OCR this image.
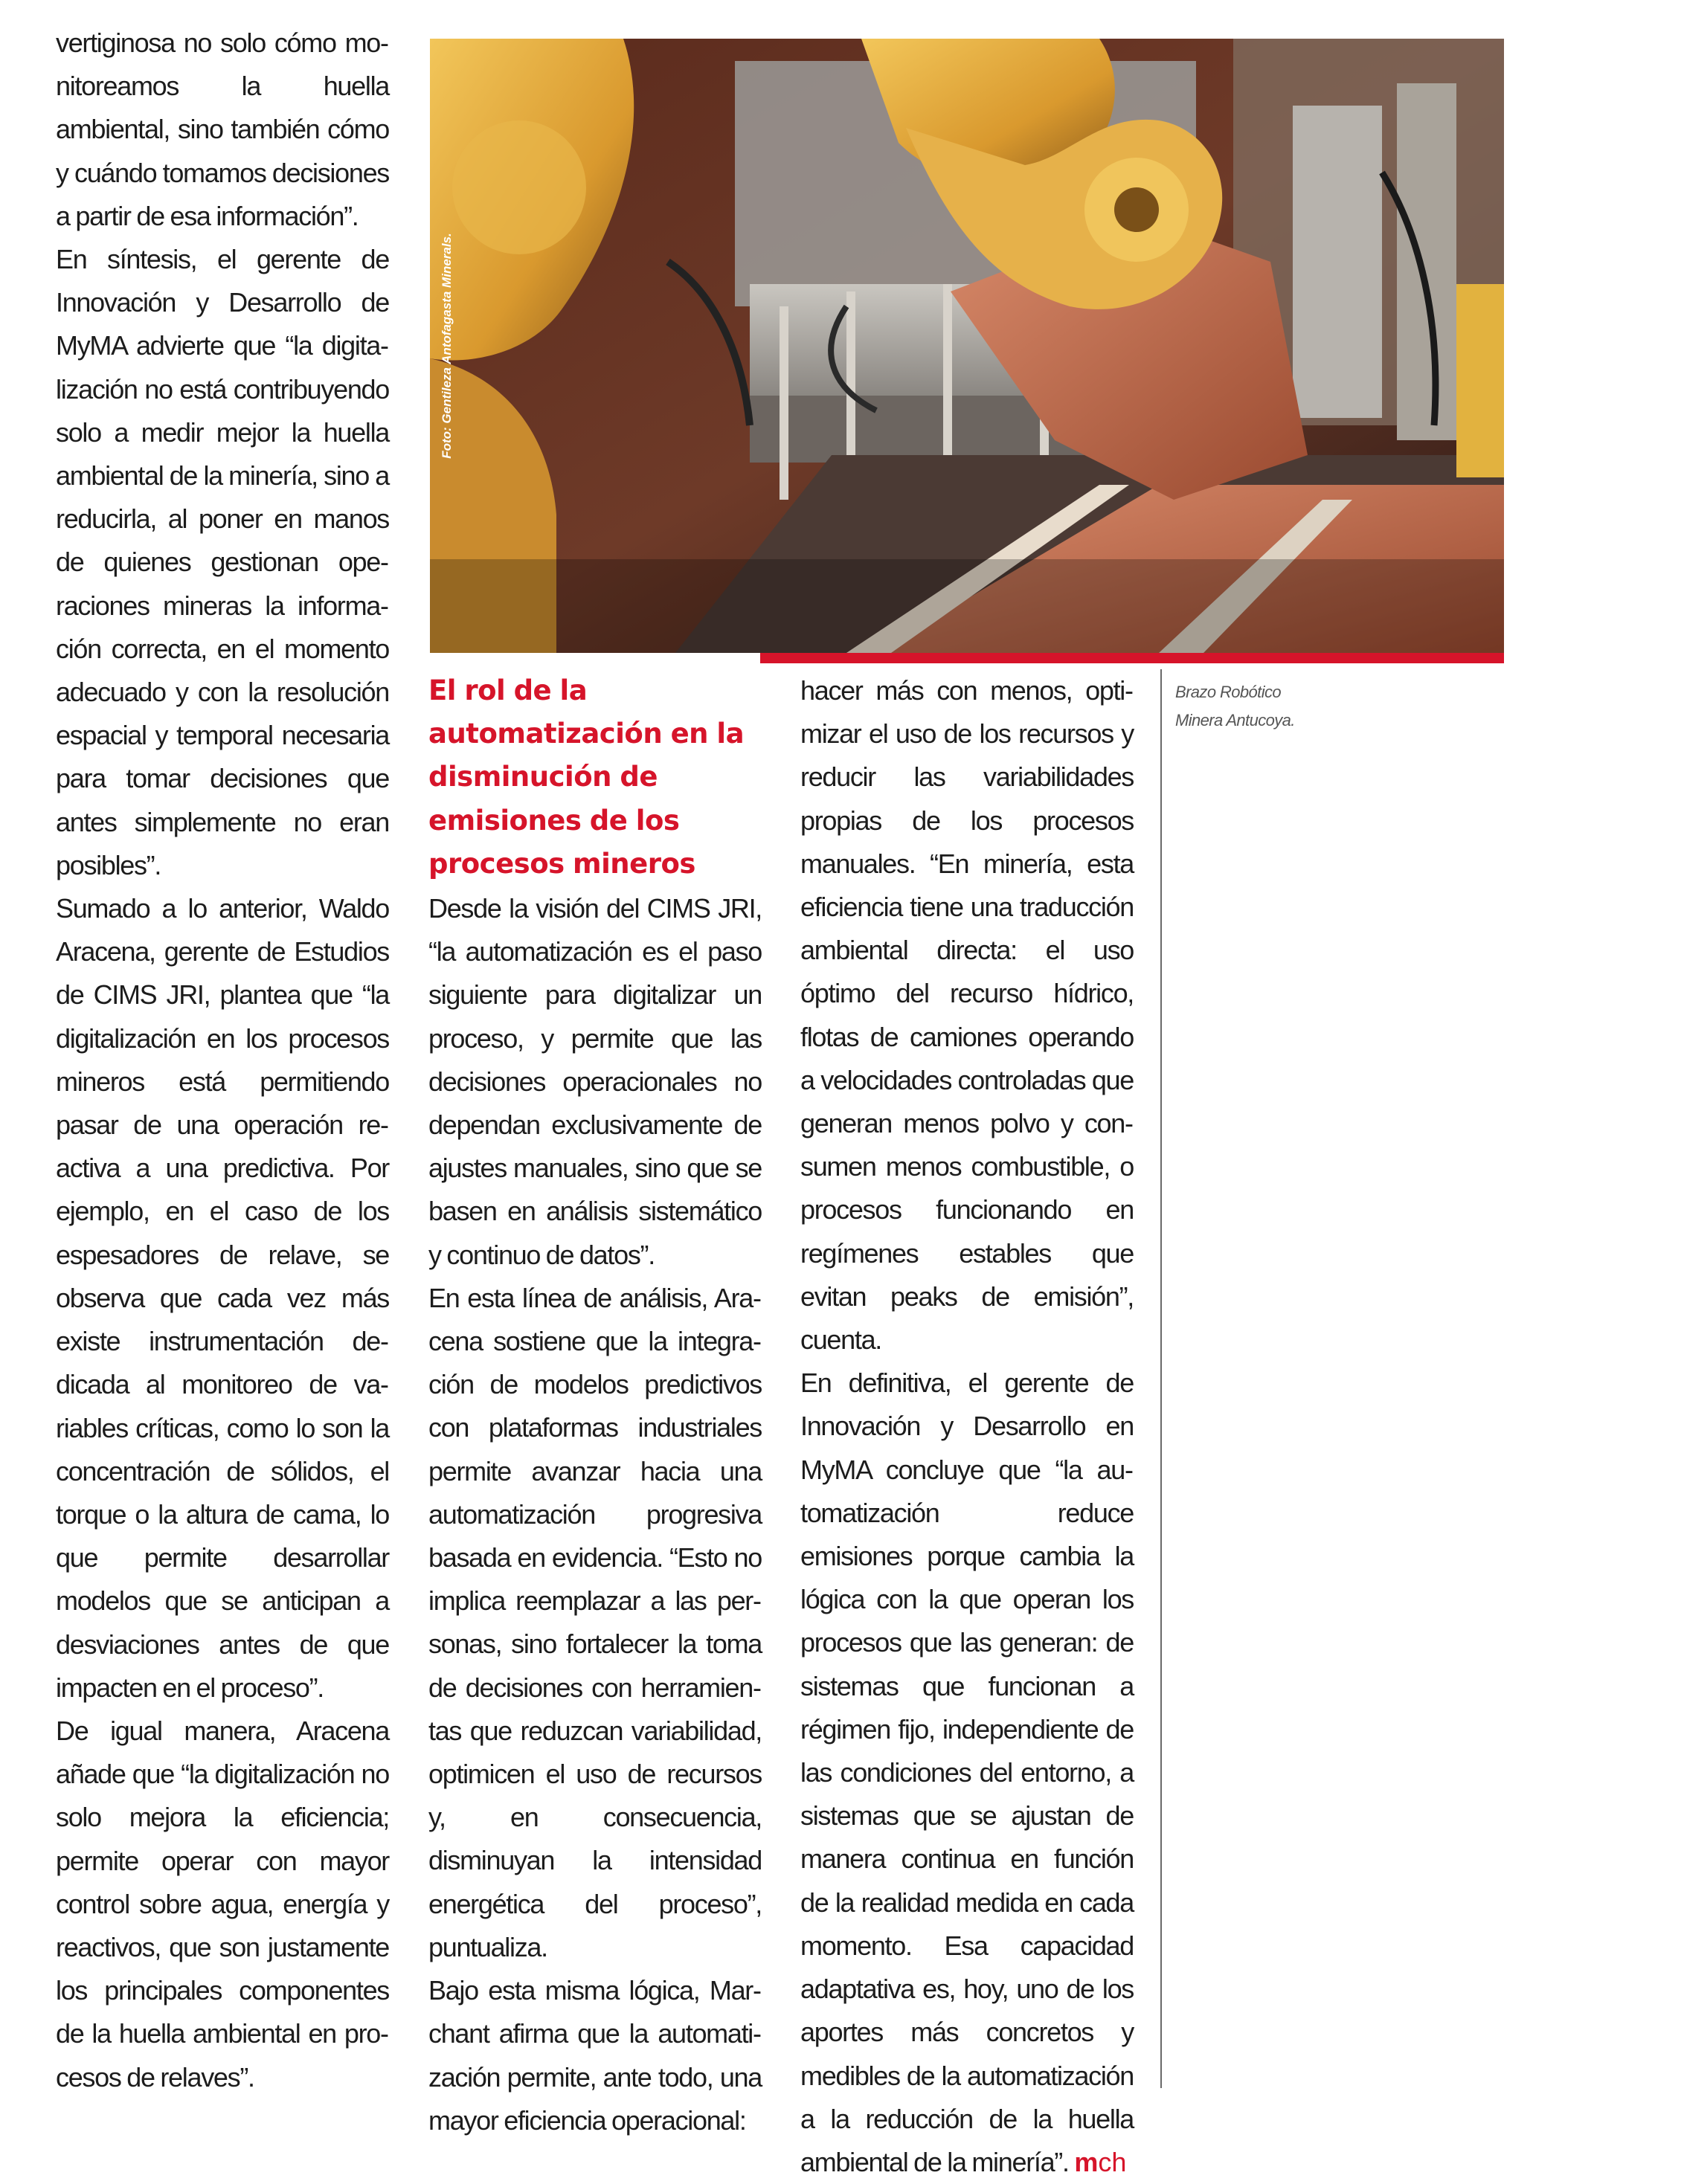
vertiginosa no solo cómo monitoreamos la huella ambiental, sino también cómo y cuándo tomamos decisiones a partir de esa información”.

En síntesis, el gerente de Innovación y Desarrollo de MyMA advierte que “la digitalización no está contribuyendo solo a medir mejor la huella ambiental de la minería, sino a reducirla, al poner en manos de quienes gestionan operaciones mineras la información correcta, en el momento adecuado y con la resolución espacial y temporal necesaria para tomar decisiones que antes simplemente no eran posibles”.

Sumado a lo anterior, Waldo Aracena, gerente de Estudios de CIMS JRI, plantea que “la digitalización en los procesos mineros está permitiendo pasar de una operación reactiva a una predictiva. Por ejemplo, en el caso de los espesadores de relave, se observa que cada vez más existe instrumentación dedicada al monitoreo de variables críticas, como lo son la concentración de sólidos, el torque o la altura de cama, lo que permite desarrollar modelos que se anticipan a desviaciones antes de que impacten en el proceso”.

De igual manera, Aracena añade que “la digitalización no solo mejora la eficiencia; permite operar con mayor control sobre agua, energía y reactivos, que son justamente los principales componentes de la huella ambiental en procesos de relaves”.

Foto: Gentileza Antofagasta Minerals.
El rol de la automatización en la disminución de emisiones de los procesos mineros

Desde la visión del CIMS JRI, “la automatización es el paso siguiente para digitalizar un proceso, y permite que las decisiones operacionales no dependan exclusivamente de ajustes manuales, sino que se basen en análisis sistemático y continuo de datos”.

En esta línea de análisis, Aracena sostiene que la integración de modelos predictivos con plataformas industriales permite avanzar hacia una automatización progresiva basada en evidencia. “Esto no implica reemplazar a las personas, sino fortalecer la toma de decisiones con herramientas que reduzcan variabilidad, optimicen el uso de recursos y, en consecuencia, disminuyan la intensidad energética del proceso”, puntualiza.

Bajo esta misma lógica, Marchant afirma que la automatización permite, ante todo, una mayor eficiencia operacional:

hacer más con menos, optimizar el uso de los recursos y reducir las variabilidades propias de los procesos manuales. “En minería, esta eficiencia tiene una traducción ambiental directa: el uso óptimo del recurso hídrico, flotas de camiones operando a velocidades controladas que generan menos polvo y consumen menos combustible, o procesos funcionando en regímenes estables que evitan peaks de emisión”, cuenta.

En definitiva, el gerente de Innovación y Desarrollo en MyMA concluye que “la automatización reduce emisiones porque cambia la lógica con la que operan los procesos que las generan: de sistemas que funcionan a régimen fijo, independiente de las condiciones del entorno, a sistemas que se ajustan de manera continua en función de la realidad medida en cada momento. Esa capacidad adaptativa es, hoy, uno de los aportes más concretos y medibles de la automatización a la reducción de la huella ambiental de la minería”. mch

Brazo Robótico

Minera Antucoya.
